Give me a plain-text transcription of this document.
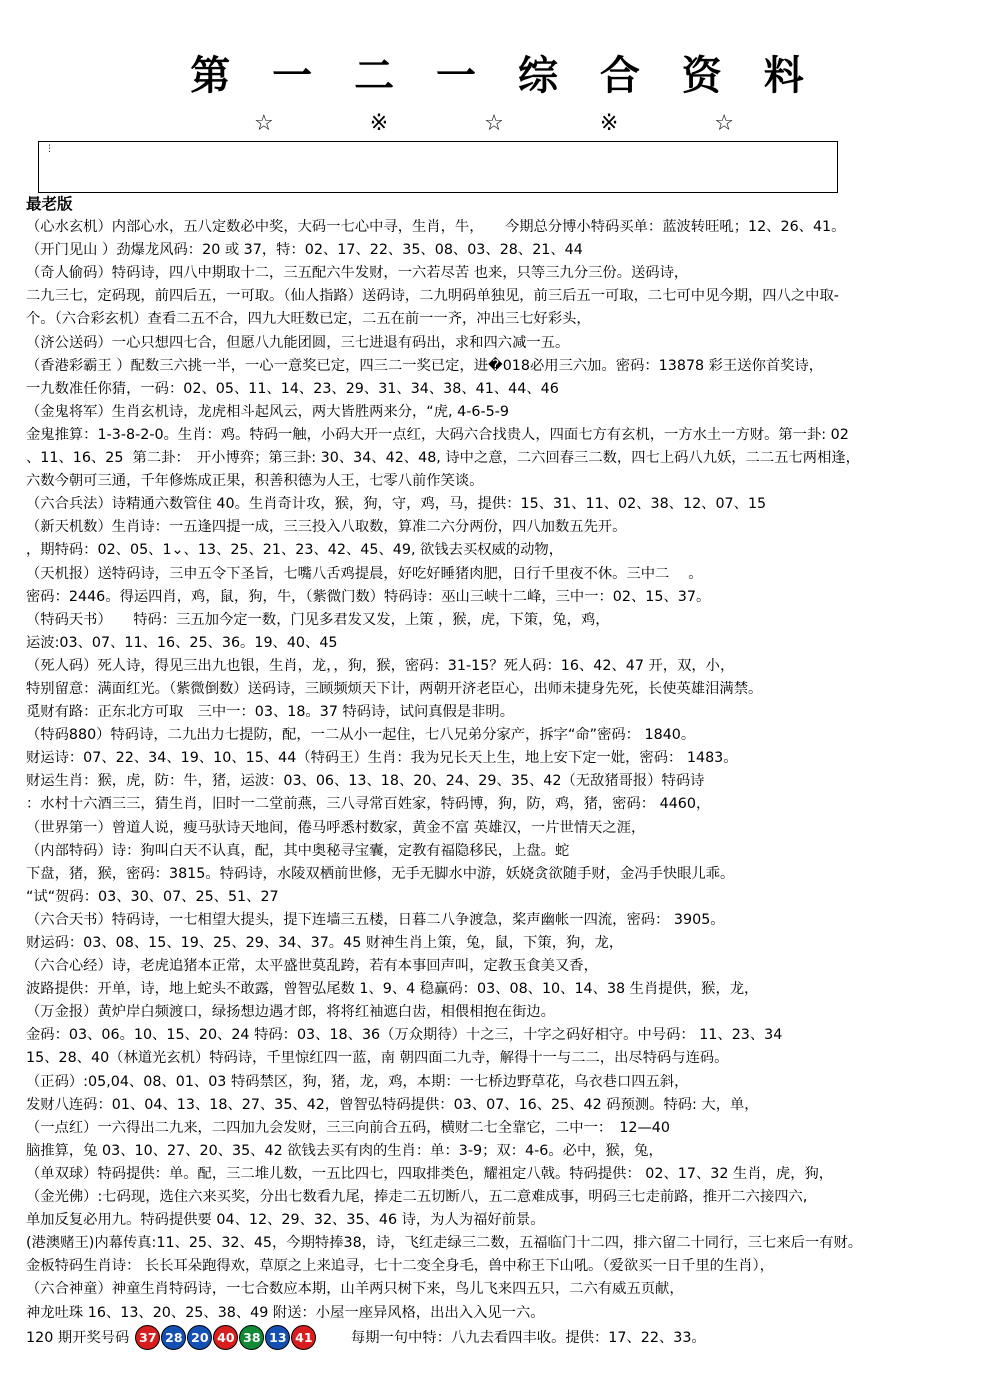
第 一 二 一 综 合 资 料
☆	※	☆	※	☆
⋮

最老版

（心水玄机）内部心水，五八定数必中奖，大码一七心中寻，生肖，牛，　　今期总分博小特码买单：蓝波转旺吼；12、26、41。

（开门见山 ）劲爆龙风码：20 或 37，特：02、17、22、35、08、03、28、21、44

（奇人偷码）特码诗，四八中期取十二，三五配六牛发财，一六若尽苦 也来，只等三九分三份。送码诗，

二九三七，定码现，前四后五，一可取。（仙人指路）送码诗，二九明码单独见，前三后五一可取，二七可中见今期，四八之中取-

个。（六合彩玄机）查看二五不合，四九大旺数已定，二五在前一一齐，冲出三七好彩头，

（济公送码）一心只想四七合，但愿八九能团圆，三七进退有码出，求和四六减一五。

（香港彩霸王 ）配数三六挑一半，一心一意奖已定，四三二一奖已定，进�018必用三六加。密码：13878 彩王送你首奖诗，

一九数准任你猜，一码：02、05、11、14、23、29、31、34、38、41、44、46

（金鬼将军）生肖玄机诗，龙虎相斗起风云，两大皆胜两来分，“虎, 4-6-5-9

金鬼推算：1-3-8-2-0。生肖：鸡。特码一触，小码大开一点红，大码六合找贵人，四面七方有玄机，一方水土一方财。第一卦: 02

、11、16、25  第二卦：　开小博弈；第三卦: 30、34、42、48, 诗中之意，二六回春三二数，四七上码八九妖，二二五七两相逢，

六数今朝可三通，千年修炼成正果，积善积德为人王，七零八前作笑谈。

（六合兵法）诗精通六数管住 40。生肖奇计攻，猴，狗，守，鸡，马，提供：15、31、11、02、38、12、07、15

（新天机数）生肖诗：一五逢四提一成，三三投入八取数，算准二六分两份，四八加数五先开。

，期特码：02、05、1⌄、13、25、21、23、42、45、49, 欲钱去买权威的动物，

（天机报）送特码诗，三申五令下圣旨，七嘴八舌鸡提晨，好吃好睡猪肉肥，日行千里夜不休。三中二 　。

密码：2446。得运四肖，鸡，鼠，狗，牛，（紫微门数）特码诗：巫山三峡十二峰，三中一：02、15、37。

（特码天书）　　特码：三五加今定一数，门见多君发又发，上策 ，猴，虎，下策，兔，鸡，

运波:03、07、11、16、25、36。19、40、45

（死人码）死人诗，得见三出九也银，生肖，龙，，狗，猴，密码：31-15？死人码：16、42、47 开，双，小，

特别留意：满面红光。（紫微倒数）送码诗，三顾频烦天下计，两朝开济老臣心，出师未捷身先死，长使英雄泪满禁。

觅财有路：正东北方可取　三中一：03、18。37 特码诗，试问真假是非明。

（特码880）特码诗，二九出力七提防，配，一二从小一起住，七八兄弟分家产，拆字“命”密码： 1840。

财运诗：07、22、34、19、10、15、44（特码王）生肖：我为兄长天上生，地上安下定一妣，密码： 1483。

财运生肖：猴，虎，防：牛，猪，运波：03、06、13、18、20、24、29、35、42（无敌猪哥报）特码诗

：水村十六酒三三，猜生肖，旧时一二堂前燕，三八寻常百姓家，特码博，狗，防，鸡，猪，密码： 4460，

（世界第一）曾道人说，瘦马驮诗天地间，倦马呼悉村数家，黄金不富 英雄汉，一片世情天之涯，

（内部特码）诗：狗叫白天不认真，配，其中奥秘寻宝囊，定教有福隐移民，上盘。蛇

下盘，猪，猴，密码：3815。特码诗，水陵双栖前世修，无手无脚水中游，妖娆贪欲随手财，金冯手快眼儿乖。

“试“贺码：03、30、07、25、51、27

（六合天书）特码诗，一七相望大提头，提下连墙三五楼，日暮二八争渡急，桨声幽帐一四流，密码： 3905。

财运码：03、08、15、19、25、29、34、37。45 财神生肖上策，兔，鼠，下策，狗，龙，

（六合心经）诗，老虎追猪本正常，太平盛世莫乱跨，若有本事回声叫，定教玉食美又香，

波路提供：开单，诗，地上蛇头不敢露，曾智弘尾数 1、9、4 稳赢码：03、08、10、14、38 生肖提供，猴，龙，

（万金报）黄炉岸白频渡口，绿扬想边遇才郎，将将红袖遮白齿，相偎相抱在街边。

金码：03、06。10、15、20、24 特码：03、18、36（万众期待）十之三，十字之码好相守。中号码： 11、23、34

15、28、40（林道光玄机）特码诗，千里惊红四一蓝，南 朝四面二九寺，解得十一与二二，出尽特码与连码。

（正码）:05,04、08、01、03 特码禁区，狗，猪，龙，鸡，本期：一七桥边野草花，乌衣巷口四五斜，

发财八连码：01、04、13、18、27、35、42，曾智弘特码提供：03、07、16、25、42 码预测。特码: 大，单，

（一点红）一六得出二九来，二四加九会发财，三三向前合五码，横财二七全靠它，二中一：　12—40

脑推算，兔 03、10、27、20、35、42 欲钱去买有肉的生肖：单：3-9；双：4-6。必中，猴，兔，

（单双球）特码提供：单。配，三二堆儿数，一五比四七，四取排类色，耀祖定八戟。特码提供： 02、17、32 生肖，虎，狗，

（金光佛）:七码现，选住六来买奖，分出七数看九尾，捧走二五切断八，五二意难成事，明码三七走前路，推开二六接四六,

单加反复必用九。特码提供要 04、12、29、32、35、46 诗，为人为福好前景。

(港澳赌王)内幕传真:11、25、32、45，今期特捧38，诗，飞红走绿三二数，五福临门十二四，排六留二十同行，三七来后一有财。

金板特码生肖诗： 长长耳朵跑得欢，草原之上来追寻，七十二变全身毛，兽中称王下山吼。（爱欲买一日千里的生肖），

（六合神童）神童生肖特码诗，一七合数应本期，山羊两只树下来，鸟儿飞来四五只，二六有威五页献，

神龙吐珠 16、13、20、25、38、49 附送：小屋一座异风格，出出入入见一六。

120 期开奖号码 37 28 20 40 38 13 41 　　每期一句中特：八九去看四丰收。提供：17、22、33。
